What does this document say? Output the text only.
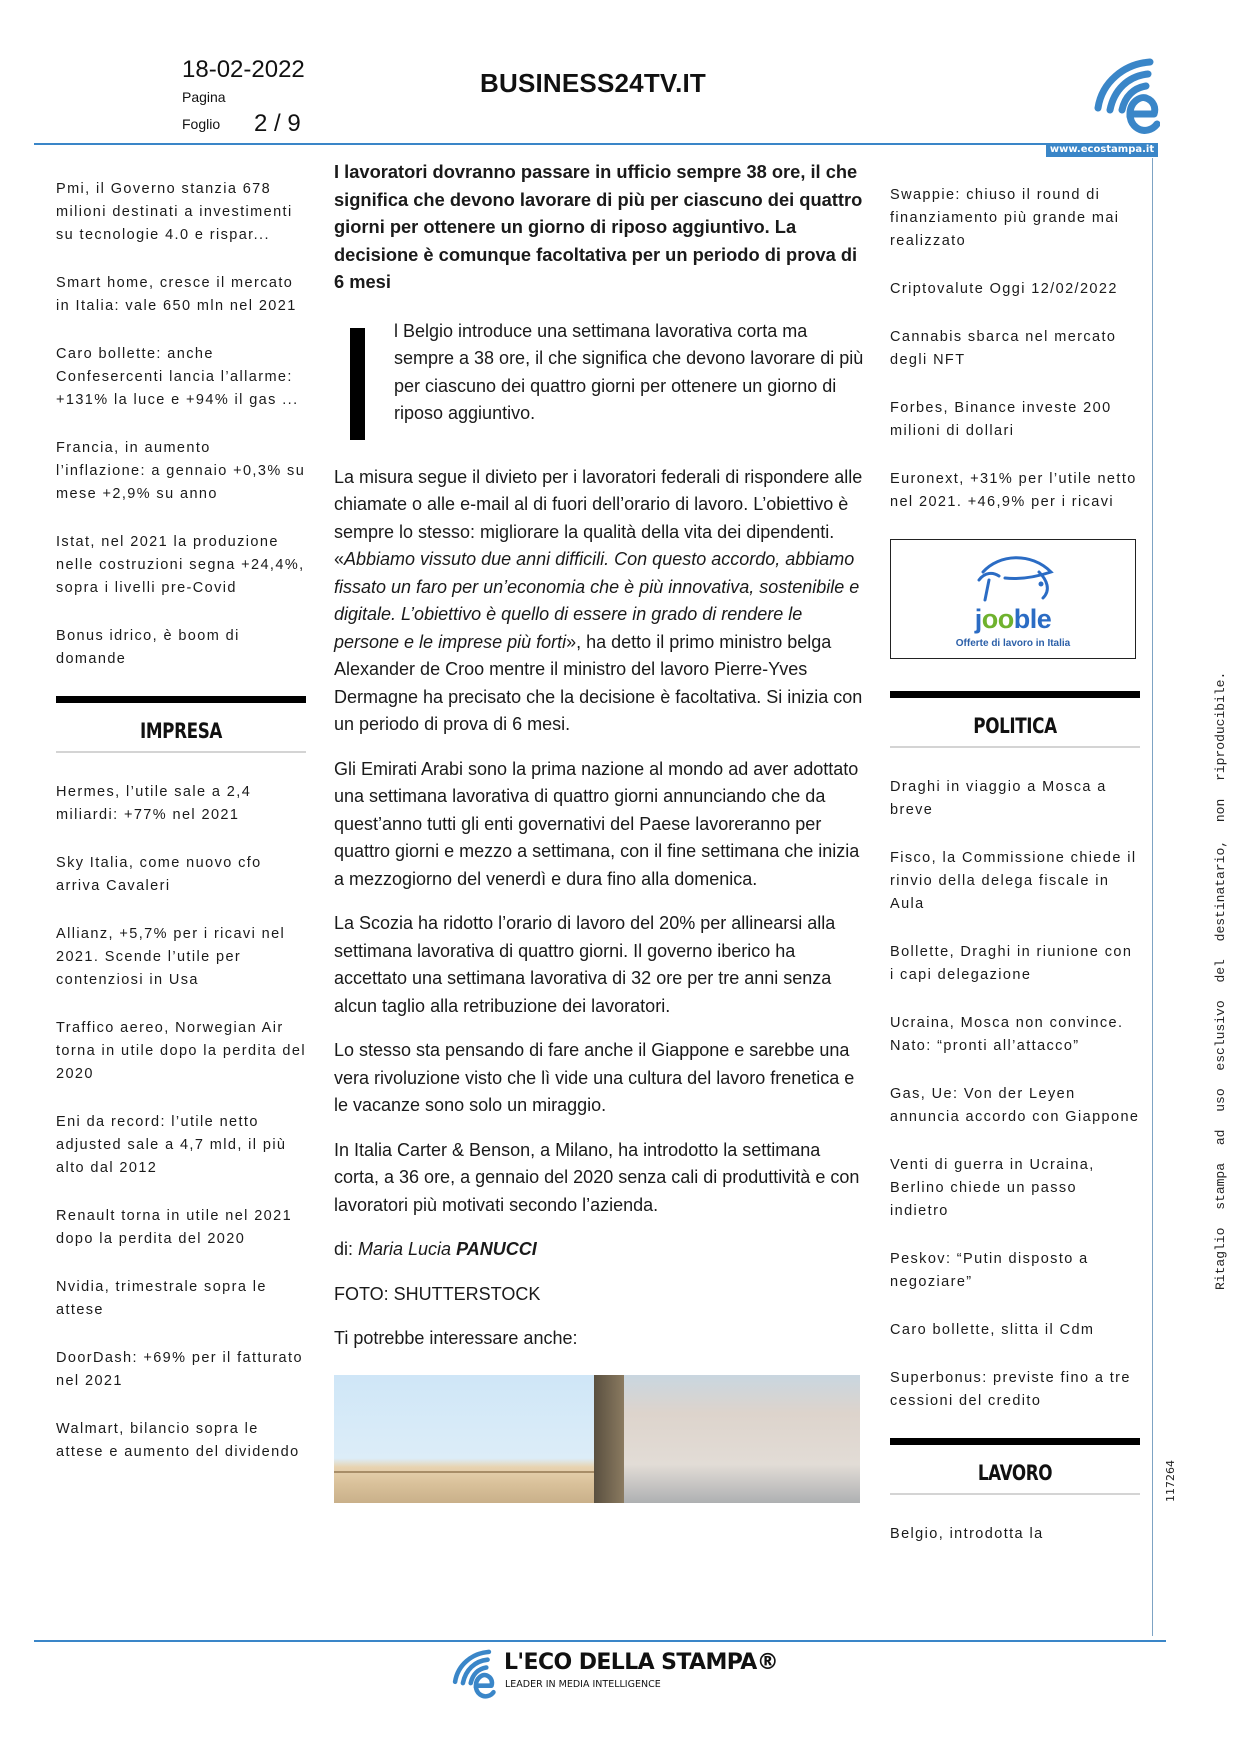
18-02-2022
Pagina
Foglio 2 / 9
BUSINESS24TV.IT
www.ecostampa.it
Pmi, il Governo stanzia 678 milioni destinati a investimenti su tecnologie 4.0 e rispar...
Smart home, cresce il mercato in Italia: vale 650 mln nel 2021
Caro bollette: anche Confesercenti lancia l’allarme: +131% la luce e +94% il gas ...
Francia, in aumento l’inflazione: a gennaio +0,3% su mese +2,9% su anno
Istat, nel 2021 la produzione nelle costruzioni segna +24,4%, sopra i livelli pre-Covid
Bonus idrico, è boom di domande
IMPRESA
Hermes, l’utile sale a 2,4 miliardi: +77% nel 2021
Sky Italia, come nuovo cfo arriva Cavaleri
Allianz, +5,7% per i ricavi nel 2021. Scende l’utile per contenziosi in Usa
Traffico aereo, Norwegian Air torna in utile dopo la perdita del 2020
Eni da record: l’utile netto adjusted sale a 4,7 mld, il più alto dal 2012
Renault torna in utile nel 2021 dopo la perdita del 2020
Nvidia, trimestrale sopra le attese
DoorDash: +69% per il fatturato nel 2021
Walmart, bilancio sopra le attese e aumento del dividendo
I lavoratori dovranno passare in ufficio sempre 38 ore, il che significa che devono lavorare di più per ciascuno dei quattro giorni per ottenere un giorno di riposo aggiuntivo. La decisione è comunque facoltativa per un periodo di prova di 6 mesi
l Belgio introduce una settimana lavorativa corta ma sempre a 38 ore, il che significa che devono lavorare di più per ciascuno dei quattro giorni per ottenere un giorno di riposo aggiuntivo.

La misura segue il divieto per i lavoratori federali di rispondere alle chiamate o alle e-mail al di fuori dell’orario di lavoro. L’obiettivo è sempre lo stesso: migliorare la qualità della vita dei dipendenti. «Abbiamo vissuto due anni difficili. Con questo accordo, abbiamo fissato un faro per un’economia che è più innovativa, sostenibile e digitale. L’obiettivo è quello di essere in grado di rendere le persone e le imprese più forti», ha detto il primo ministro belga Alexander de Croo mentre il ministro del lavoro Pierre-Yves Dermagne ha precisato che la decisione è facoltativa. Si inizia con un periodo di prova di 6 mesi.

Gli Emirati Arabi sono la prima nazione al mondo ad aver adottato una settimana lavorativa di quattro giorni annunciando che da quest’anno tutti gli enti governativi del Paese lavoreranno per quattro giorni e mezzo a settimana, con il fine settimana che inizia a mezzogiorno del venerdì e dura fino alla domenica.

La Scozia ha ridotto l’orario di lavoro del 20% per allinearsi alla settimana lavorativa di quattro giorni. Il governo iberico ha accettato una settimana lavorativa di 32 ore per tre anni senza alcun taglio alla retribuzione dei lavoratori.

Lo stesso sta pensando di fare anche il Giappone e sarebbe una vera rivoluzione visto che lì vide una cultura del lavoro frenetica e le vacanze sono solo un miraggio.

In Italia Carter & Benson, a Milano, ha introdotto la settimana corta, a 36 ore, a gennaio del 2020 senza cali di produttività e con lavoratori più motivati secondo l’azienda.

di: Maria Lucia PANUCCI

FOTO: SHUTTERSTOCK

Ti potrebbe interessare anche:

Swappie: chiuso il round di finanziamento più grande mai realizzato
Criptovalute Oggi 12/02/2022
Cannabis sbarca nel mercato degli NFT
Forbes, Binance investe 200 milioni di dollari
Euronext, +31% per l’utile netto nel 2021. +46,9% per i ricavi
jooble
Offerte di lavoro in Italia
POLITICA
Draghi in viaggio a Mosca a breve
Fisco, la Commissione chiede il rinvio della delega fiscale in Aula
Bollette, Draghi in riunione con i capi delegazione
Ucraina, Mosca non convince. Nato: “pronti all’attacco”
Gas, Ue: Von der Leyen annuncia accordo con Giappone
Venti di guerra in Ucraina, Berlino chiede un passo indietro
Peskov: “Putin disposto a negoziare”
Caro bollette, slitta il Cdm
Superbonus: previste fino a tre cessioni del credito
LAVORO
Belgio, introdotta la
Ritaglio stampa ad uso esclusivo del destinatario, non riproducibile.
117264
L'ECO DELLA STAMPA®
LEADER IN MEDIA INTELLIGENCE
